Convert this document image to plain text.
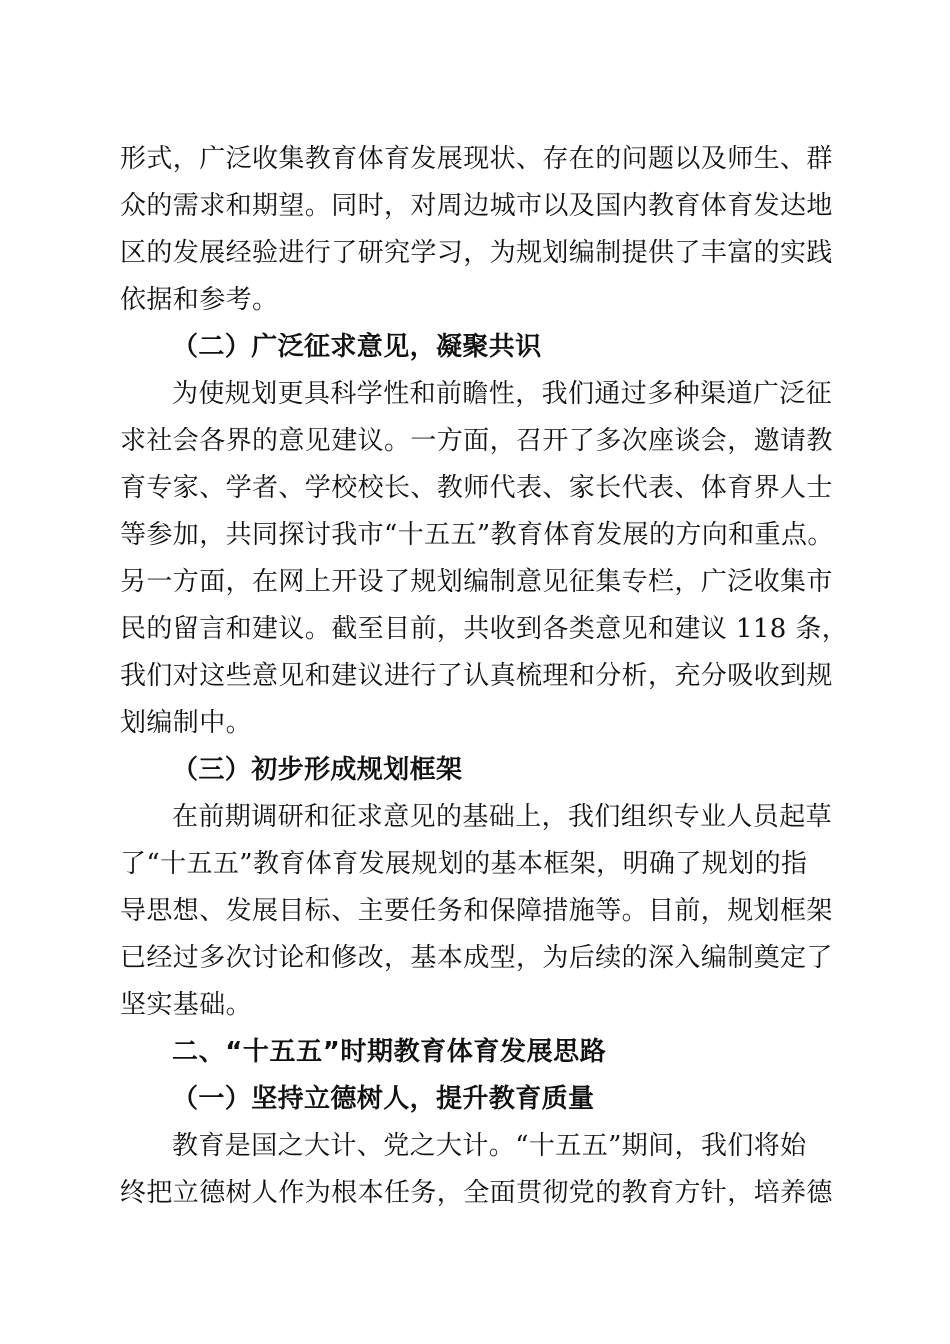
形式，广泛收集教育体育发展现状、存在的问题以及师生、群
众的需求和期望。同时，对周边城市以及国内教育体育发达地
区的发展经验进行了研究学习，为规划编制提供了丰富的实践
依据和参考。
（二）广泛征求意见，凝聚共识
为使规划更具科学性和前瞻性，我们通过多种渠道广泛征
求社会各界的意见建议。一方面，召开了多次座谈会，邀请教
育专家、学者、学校校长、教师代表、家长代表、体育界人士
等参加，共同探讨我市“十五五”教育体育发展的方向和重点。
另一方面，在网上开设了规划编制意见征集专栏，广泛收集市
民的留言和建议。截至目前，共收到各类意见和建议 118 条，
我们对这些意见和建议进行了认真梳理和分析，充分吸收到规
划编制中。
（三）初步形成规划框架
在前期调研和征求意见的基础上，我们组织专业人员起草
了“十五五”教育体育发展规划的基本框架，明确了规划的指
导思想、发展目标、主要任务和保障措施等。目前，规划框架
已经过多次讨论和修改，基本成型，为后续的深入编制奠定了
坚实基础。
二、“十五五”时期教育体育发展思路
（一）坚持立德树人，提升教育质量
教育是国之大计、党之大计。“十五五”期间，我们将始
终把立德树人作为根本任务，全面贯彻党的教育方针，培养德
